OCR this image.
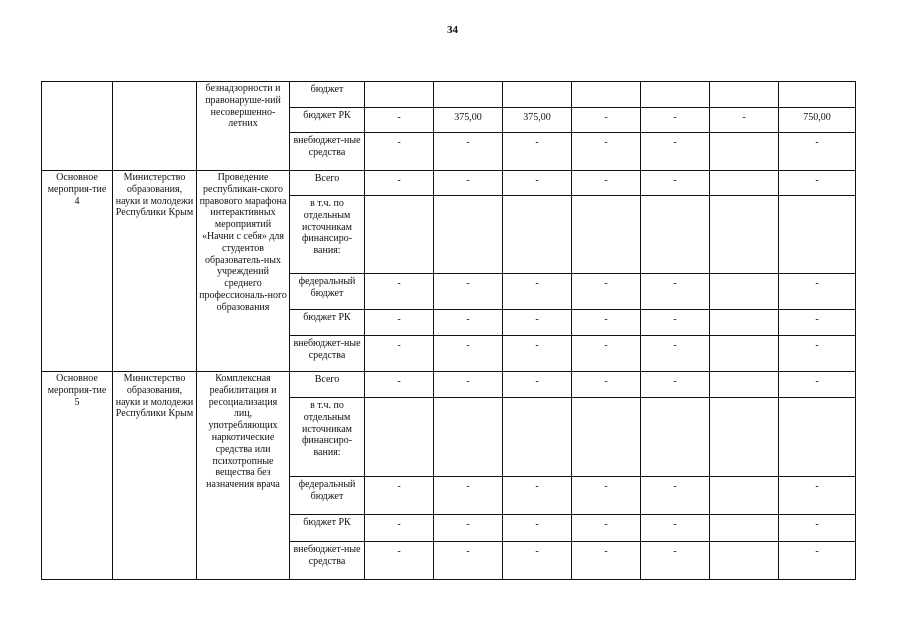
34
		безнадзорности и правонаруше-ний несовершенно-летних	бюджет							
			бюджет РК	-	375,00	375,00	-	-	-	750,00
			внебюджет-ные средства	-	-	-	-	-		-
Основное мероприя-тие 4	Министерство образования, науки и молодежи Республики Крым	Проведение республикан-ского правового марафона интерактивных мероприятий «Начни с себя» для студентов образователь-ных учреждений среднего профессиональ-ного образования	Всего	-	-	-	-	-		-
			в т.ч. по отдельным источникам финансиро-вания:							
			федеральный бюджет	-	-	-	-	-		-
			бюджет РК	-	-	-	-	-		-
			внебюджет-ные средства	-	-	-	-	-		-
Основное мероприя-тие 5	Министерство образования, науки и молодежи Республики Крым	Комплексная реабилитация и ресоциализация лиц, употребляющих наркотические средства или психотропные вещества без назначения врача	Всего	-	-	-	-	-		-
			в т.ч. по отдельным источникам финансиро-вания:							
			федеральный бюджет	-	-	-	-	-		-
			бюджет РК	-	-	-	-	-		-
			внебюджет-ные средства	-	-	-	-	-		-
